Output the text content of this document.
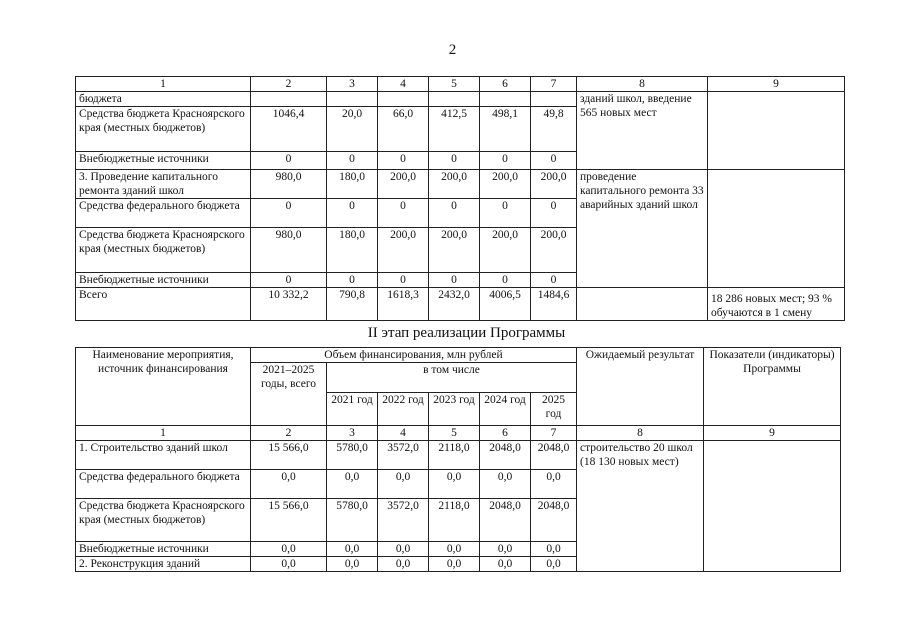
2
1	2	3	4	5	6	7	8	9
бюджета							зданий школ, введение 565 новых мест	
Средства бюджета Красноярского края (местных бюджетов)	1046,4	20,0	66,0	412,5	498,1	49,8		
Внебюджетные источники	0	0	0	0	0	0		
3. Проведение капитального ремонта зданий школ	980,0	180,0	200,0	200,0	200,0	200,0	проведение капитального ремонта 33 аварийных зданий школ	
Средства федерального бюджета	0	0	0	0	0	0		
Средства бюджета Красноярского края (местных бюджетов)	980,0	180,0	200,0	200,0	200,0	200,0		
Внебюджетные источники	0	0	0	0	0	0		
Всего	10 332,2	790,8	1618,3	2432,0	4006,5	1484,6		18 286 новых мест; 93 % обучаются в 1 смену
II этап реализации Программы
Наименование мероприятия, источник финансирования	Объем финансирования, млн рублей						Ожидаемый результат	Показатели (индикаторы) Программы
	2021–2025 годы, всего	в том числе						
		2021 год	2022 год	2023 год	2024 год	2025 год		
1	2	3	4	5	6	7	8	9
1. Строительство зданий школ	15 566,0	5780,0	3572,0	2118,0	2048,0	2048,0	строительство 20 школ (18 130 новых мест)	
Средства федерального бюджета	0,0	0,0	0,0	0,0	0,0	0,0		
Средства бюджета Красноярского края (местных бюджетов)	15 566,0	5780,0	3572,0	2118,0	2048,0	2048,0		
Внебюджетные источники	0,0	0,0	0,0	0,0	0,0	0,0		
2. Реконструкция зданий	0,0	0,0	0,0	0,0	0,0	0,0		
